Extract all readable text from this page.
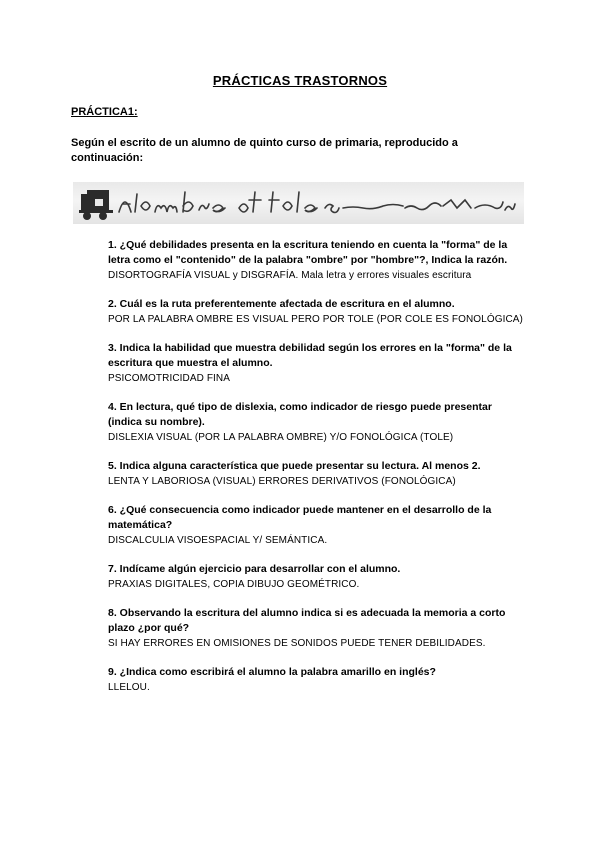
PRÁCTICAS TRASTORNOS
PRÁCTICA1:
Según el escrito de un alumno de quinto curso de primaria, reproducido a continuación:
1. ¿Qué debilidades presenta en la escritura teniendo en cuenta la "forma" de la letra como el "contenido" de la palabra "ombre" por "hombre"?, Indica la razón.
DISORTOGRAFÍA VISUAL y DISGRAFÍA. Mala letra y errores visuales escritura
2. Cuál es la ruta preferentemente afectada de escritura en el alumno.
POR LA PALABRA OMBRE ES VISUAL PERO POR TOLE (POR COLE ES FONOLÓGICA)
3. Indica la habilidad que muestra debilidad según los errores en la "forma" de la escritura que muestra el alumno.
PSICOMOTRICIDAD FINA
4. En lectura, qué tipo de dislexia, como indicador de riesgo puede presentar (indica su nombre).
DISLEXIA VISUAL (POR LA PALABRA OMBRE) Y/O FONOLÓGICA (TOLE)
5. Indica alguna característica que puede presentar su lectura. Al menos 2.
LENTA Y LABORIOSA (VISUAL) ERRORES DERIVATIVOS (FONOLÓGICA)
6. ¿Qué consecuencia como indicador puede mantener en el desarrollo de la matemática?
DISCALCULIA VISOESPACIAL Y/ SEMÁNTICA.
7. Indícame algún ejercicio para desarrollar con el alumno.
PRAXIAS DIGITALES, COPIA DIBUJO GEOMÉTRICO.
8. Observando la escritura del alumno indica si es adecuada la memoria a corto plazo ¿por qué?
SI HAY ERRORES EN OMISIONES DE SONIDOS PUEDE TENER DEBILIDADES.
9. ¿Indica como escribirá el alumno la palabra amarillo en inglés?
LLELOU.
